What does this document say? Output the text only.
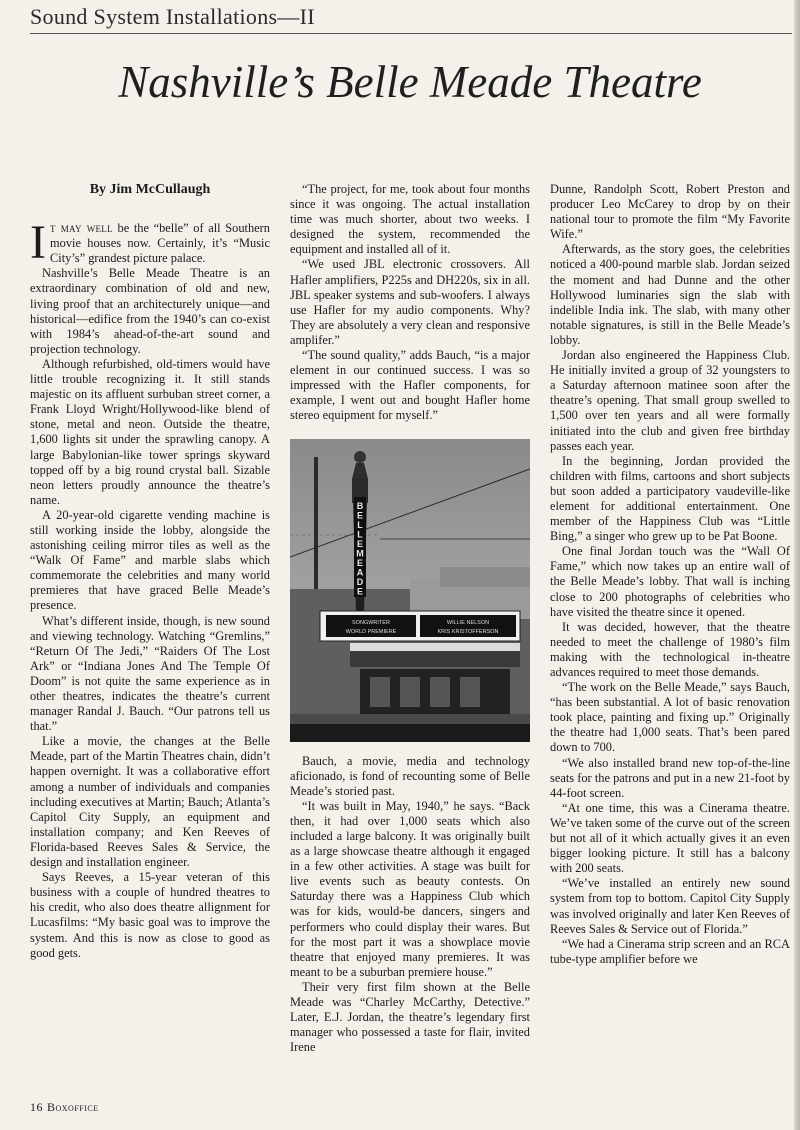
Sound System Installations—II
Nashville’s Belle Meade Theatre
By Jim McCullaugh

It may well be the “belle” of all Southern movie houses now. Certainly, it’s “Music City’s” grandest picture palace.

Nashville’s Belle Meade Theatre is an extraordinary combination of old and new, living proof that an architecturely unique—and historical—edifice from the 1940’s can co-exist with 1984’s ahead-of-the-art sound and projection technology.

Although refurbished, old-timers would have little trouble recognizing it. It still stands majestic on its affluent surbuban street corner, a Frank Lloyd Wright/Hollywood-like blend of stone, metal and neon. Outside the theatre, 1,600 lights sit under the sprawling canopy. A large Babylonian-like tower springs skyward topped off by a big round crystal ball. Sizable neon letters proudly announce the theatre’s name.

A 20-year-old cigarette vending machine is still working inside the lobby, alongside the astonishing ceiling mirror tiles as well as the “Walk Of Fame” and marble slabs which commemorate the celebrities and many world premieres that have graced Belle Meade’s presence.

What’s different inside, though, is new sound and viewing technology. Watching “Gremlins,” “Return Of The Jedi,” “Raiders Of The Lost Ark” or “Indiana Jones And The Temple Of Doom” is not quite the same experience as in other theatres, indicates the theatre’s current manager Randal J. Bauch. “Our patrons tell us that.”

Like a movie, the changes at the Belle Meade, part of the Martin Theatres chain, didn’t happen overnight. It was a collaborative effort among a number of individuals and companies including executives at Martin; Bauch; Atlanta’s Capitol City Supply, an equipment and installation company; and Ken Reeves of Florida-based Reeves Sales & Service, the design and installation engineer.

Says Reeves, a 15-year veteran of this business with a couple of hundred theatres to his credit, who also does theatre allignment for Lucasfilms: “My basic goal was to improve the system. And this is now as close to good as good gets.

“The project, for me, took about four months since it was ongoing. The actual installation time was much shorter, about two weeks. I designed the system, recommended the equipment and installed all of it.

“We used JBL electronic crossovers. All Hafler amplifiers, P225s and DH220s, six in all. JBL speaker systems and sub-woofers. I always use Hafler for my audio components. Why? They are absolutely a very clean and responsive amplifer.”

“The sound quality,” adds Bauch, “is a major element in our continued success. I was so impressed with the Hafler components, for example, I went out and bought Hafler home stereo equipment for myself.”

B
E
L
L
E
M
E
A
D
E
SONGWRITER
WORLD PREMIERE
WILLIE NELSON
KRIS KRISTOFFERSON

Bauch, a movie, media and technology aficionado, is fond of recounting some of Belle Meade’s storied past.

“It was built in May, 1940,” he says. “Back then, it had over 1,000 seats which also included a large balcony. It was originally built as a large showcase theatre although it engaged in a few other activities. A stage was built for live events such as beauty contests. On Saturday there was a Happiness Club which was for kids, would-be dancers, singers and performers who could display their wares. But for the most part it was a showplace movie theatre that enjoyed many premieres. It was meant to be a suburban premiere house.”

Their very first film shown at the Belle Meade was “Charley McCarthy, Detective.” Later, E.J. Jordan, the theatre’s legendary first manager who possessed a taste for flair, invited Irene

Dunne, Randolph Scott, Robert Preston and producer Leo McCarey to drop by on their national tour to promote the film “My Favorite Wife.”

Afterwards, as the story goes, the celebrities noticed a 400-pound marble slab. Jordan seized the moment and had Dunne and the other Hollywood luminaries sign the slab with indelible India ink. The slab, with many other notable signatures, is still in the Belle Meade’s lobby.

Jordan also engineered the Happiness Club. He initially invited a group of 32 youngsters to a Saturday afternoon matinee soon after the theatre’s opening. That small group swelled to 1,500 over ten years and all were formally initiated into the club and given free birthday passes each year.

In the beginning, Jordan provided the children with films, cartoons and short subjects but soon added a participatory vaudeville-like element for additional entertainment. One member of the Happiness Club was “Little Bing,” a singer who grew up to be Pat Boone.

One final Jordan touch was the “Wall Of Fame,” which now takes up an entire wall of the Belle Meade’s lobby. That wall is inching close to 200 photographs of celebrities who have visited the theatre since it opened.

It was decided, however, that the theatre needed to meet the challenge of 1980’s film making with the technological in-theatre advances required to meet those demands.

“The work on the Belle Meade,” says Bauch, “has been substantial. A lot of basic renovation took place, painting and fixing up.” Originally the theatre had 1,000 seats. That’s been pared down to 700.

“We also installed brand new top-of-the-line seats for the patrons and put in a new 21-foot by 44-foot screen.

“At one time, this was a Cinerama theatre. We’ve taken some of the curve out of the screen but not all of it which actually gives it an even bigger looking picture. It still has a balcony with 200 seats.

“We’ve installed an entirely new sound system from top to bottom. Capitol City Supply was involved originally and later Ken Reeves of Reeves Sales & Service out of Florida.”

“We had a Cinerama strip screen and an RCA tube-type amplifier before we

16 Boxoffice
